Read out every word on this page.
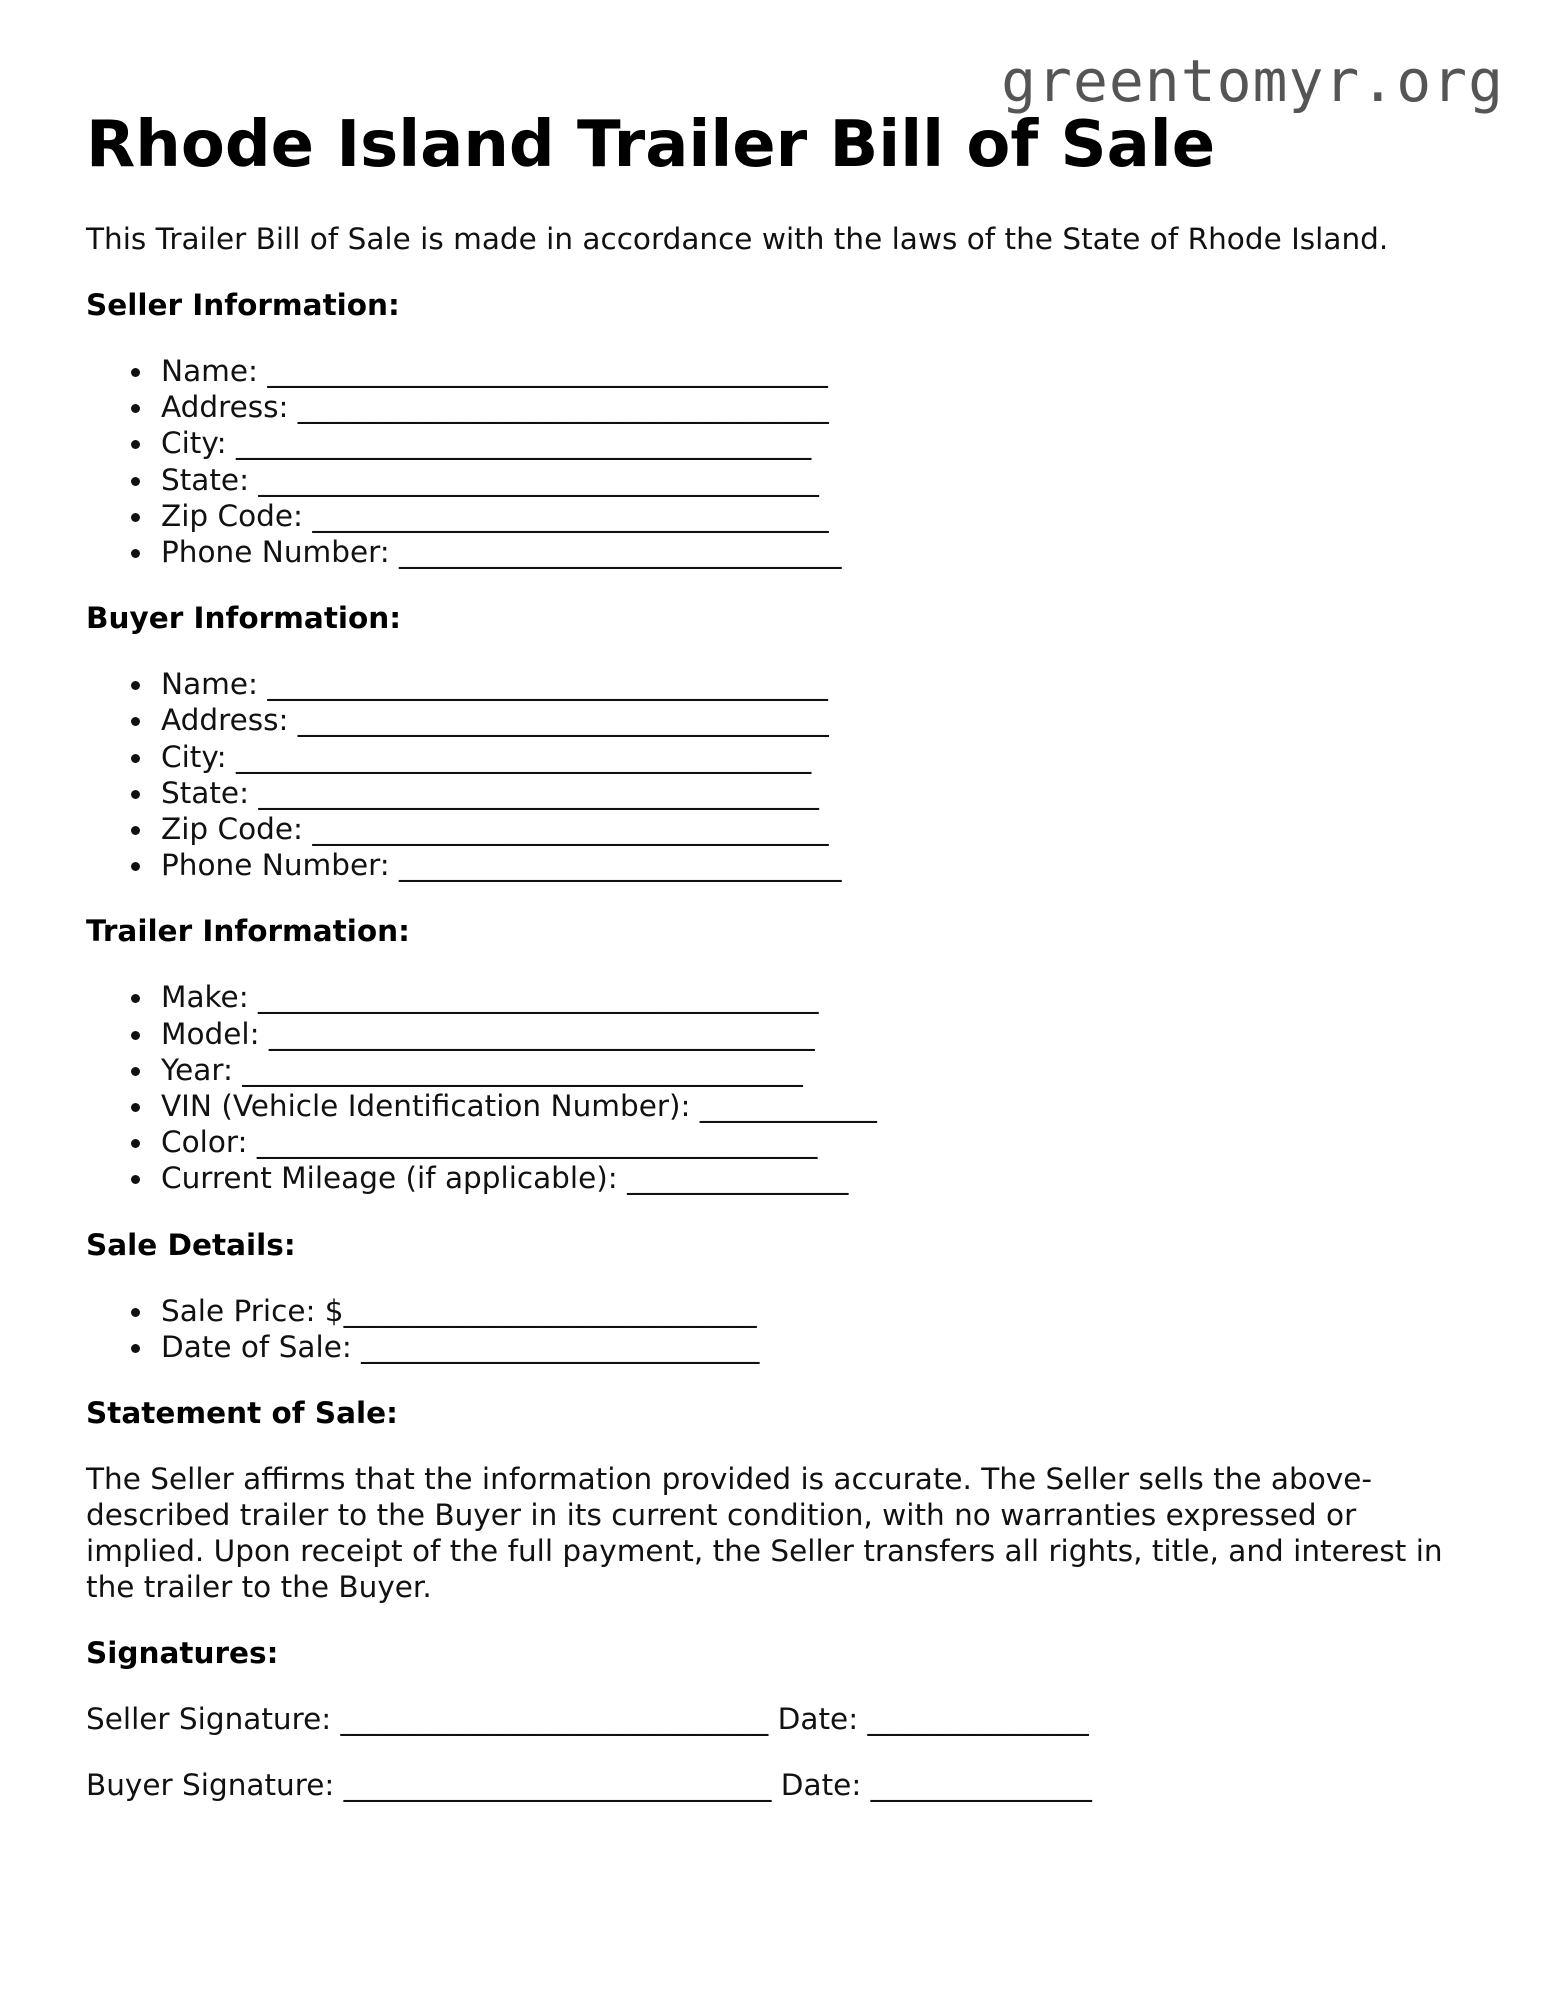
greentomyr.org
Rhode Island Trailer Bill of Sale

This Trailer Bill of Sale is made in accordance with the laws of the State of Rhode Island.

Seller Information:
Name: ______________________________________
Address: ____________________________________
City: _______________________________________
State: ______________________________________
Zip Code: ___________________________________
Phone Number: ______________________________
Buyer Information:
Name: ______________________________________
Address: ____________________________________
City: _______________________________________
State: ______________________________________
Zip Code: ___________________________________
Phone Number: ______________________________
Trailer Information:
Make: ______________________________________
Model: _____________________________________
Year: ______________________________________
VIN (Vehicle Identification Number): ____________
Color: ______________________________________
Current Mileage (if applicable): _______________
Sale Details:
Sale Price: $____________________________
Date of Sale: ___________________________
Statement of Sale:

The Seller affirms that the information provided is accurate. The Seller sells the above-described trailer to the Buyer in its current condition, with no warranties expressed or implied. Upon receipt of the full payment, the Seller transfers all rights, title, and interest in the trailer to the Buyer.

Signatures:

Seller Signature: _____________________________ Date: _______________

Buyer Signature: _____________________________ Date: _______________
